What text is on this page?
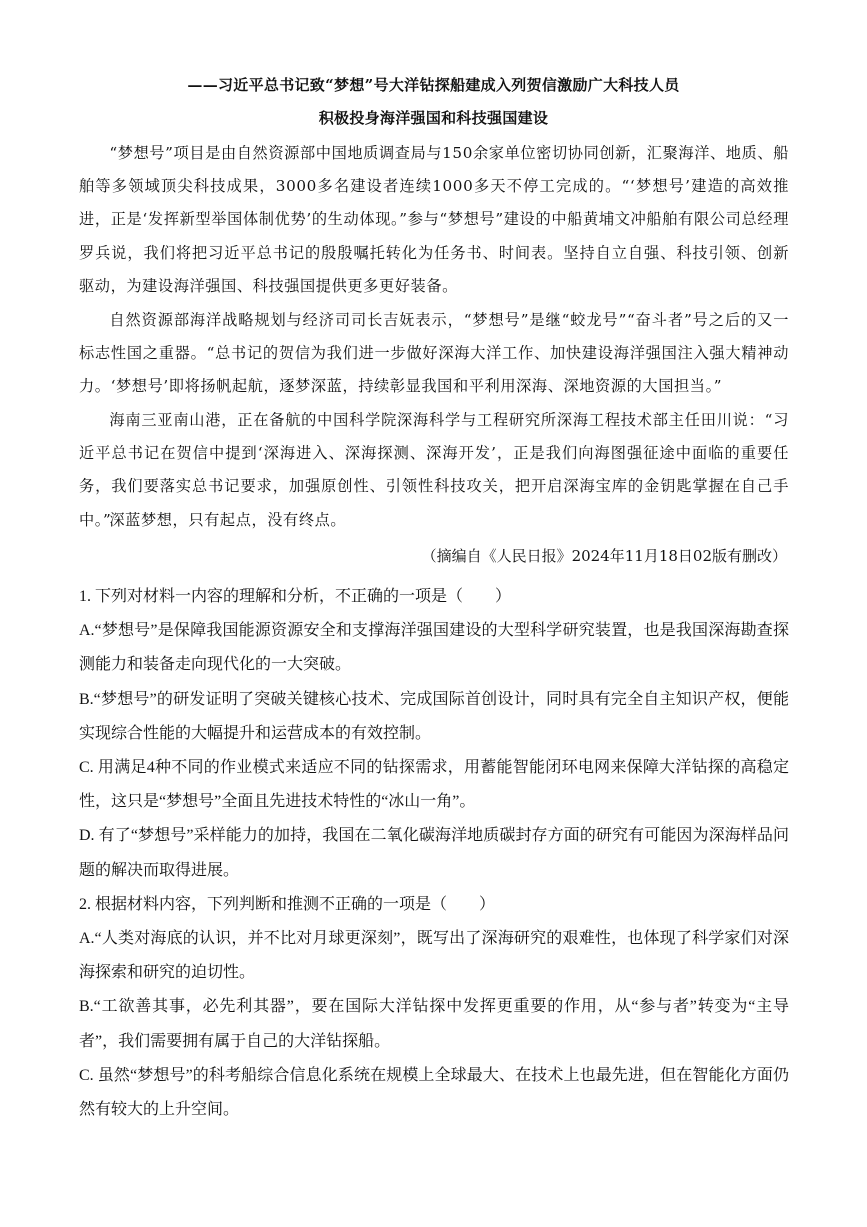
——习近平总书记致“梦想”号大洋钻探船建成入列贺信激励广大科技人员
积极投身海洋强国和科技强国建设

“梦想号”项目是由自然资源部中国地质调查局与150余家单位密切协同创新，汇聚海洋、地质、船舶等多领域顶尖科技成果，3000多名建设者连续1000多天不停工完成的。“‘梦想号’建造的高效推进，正是‘发挥新型举国体制优势’的生动体现。”参与“梦想号”建设的中船黄埔文冲船舶有限公司总经理罗兵说，我们将把习近平总书记的殷殷嘱托转化为任务书、时间表。坚持自立自强、科技引领、创新驱动，为建设海洋强国、科技强国提供更多更好装备。

自然资源部海洋战略规划与经济司司长吉妩表示，“梦想号”是继“蛟龙号”“奋斗者”号之后的又一标志性国之重器。“总书记的贺信为我们进一步做好深海大洋工作、加快建设海洋强国注入强大精神动力。‘梦想号’即将扬帆起航，逐梦深蓝，持续彰显我国和平利用深海、深地资源的大国担当。”

海南三亚南山港，正在备航的中国科学院深海科学与工程研究所深海工程技术部主任田川说：“习近平总书记在贺信中提到‘深海进入、深海探测、深海开发’，正是我们向海图强征途中面临的重要任务，我们要落实总书记要求，加强原创性、引领性科技攻关，把开启深海宝库的金钥匙掌握在自己手中。”

深蓝梦想，只有起点，没有终点。

（摘编自《人民日报》2024年11月18日02版有删改）

1. 下列对材料一内容的理解和分析，不正确的一项是（　　）

A.“梦想号”是保障我国能源资源安全和支撑海洋强国建设的大型科学研究装置，也是我国深海勘查探测能力和装备走向现代化的一大突破。

B.“梦想号”的研发证明了突破关键核心技术、完成国际首创设计，同时具有完全自主知识产权，便能实现综合性能的大幅提升和运营成本的有效控制。

C. 用满足4种不同的作业模式来适应不同的钻探需求，用蓄能智能闭环电网来保障大洋钻探的高稳定性，这只是“梦想号”全面且先进技术特性的“冰山一角”。

D. 有了“梦想号”采样能力的加持，我国在二氧化碳海洋地质碳封存方面的研究有可能因为深海样品问题的解决而取得进展。

2. 根据材料内容，下列判断和推测不正确的一项是（　　）

A.“人类对海底的认识，并不比对月球更深刻”，既写出了深海研究的艰难性，也体现了科学家们对深海探索和研究的迫切性。

B.“工欲善其事，必先利其器”，要在国际大洋钻探中发挥更重要的作用，从“参与者”转变为“主导者”，我们需要拥有属于自己的大洋钻探船。

C. 虽然“梦想号”的科考船综合信息化系统在规模上全球最大、在技术上也最先进，但在智能化方面仍然有较大的上升空间。
